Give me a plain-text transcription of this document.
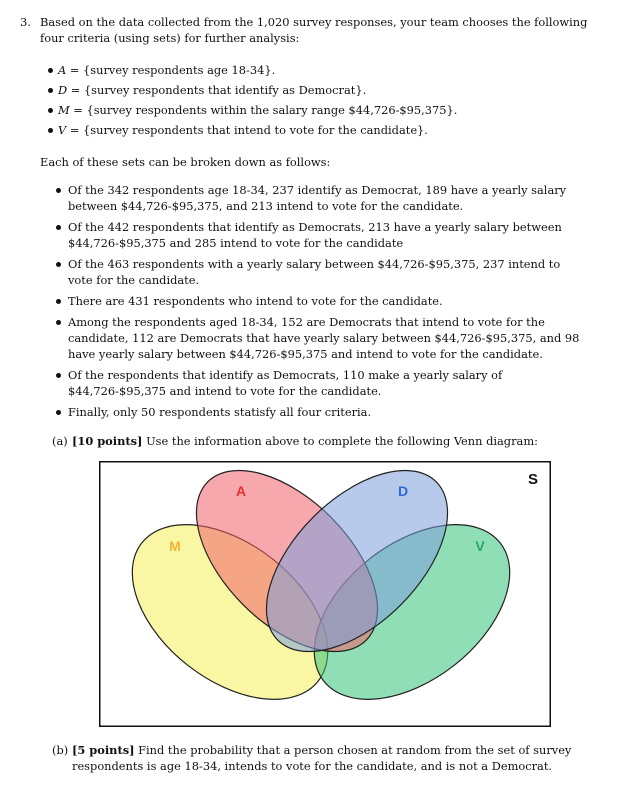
3. Based on the data collected from the 1,020 survey responses, your team chooses the following four criteria (using sets) for further analysis:
A = {survey respondents age 18-34}.
D = {survey respondents that identify as Democrat}.
M = {survey respondents within the salary range $44,726-$95,375}.
V = {survey respondents that intend to vote for the candidate}.
Each of these sets can be broken down as follows:
Of the 342 respondents age 18-34, 237 identify as Democrat, 189 have a yearly salary between $44,726-$95,375, and 213 intend to vote for the candidate.
Of the 442 respondents that identify as Democrats, 213 have a yearly salary between $44,726-$95,375 and 285 intend to vote for the candidate
Of the 463 respondents with a yearly salary between $44,726-$95,375, 237 intend to vote for the candidate.
There are 431 respondents who intend to vote for the candidate.
Among the respondents aged 18-34, 152 are Democrats that intend to vote for the candidate, 112 are Democrats that have yearly salary between $44,726-$95,375, and 98 have yearly salary between $44,726-$95,375 and intend to vote for the candidate.
Of the respondents that identify as Democrats, 110 make a yearly salary of $44,726-$95,375 and intend to vote for the candidate.
Finally, only 50 respondents statisfy all four criteria.
(a) [10 points] Use the information above to complete the following Venn diagram:
A	D
M	V
S
(b) [5 points] Find the probability that a person chosen at random from the set of survey respondents is age 18-34, intends to vote for the candidate, and is not a Democrat.
